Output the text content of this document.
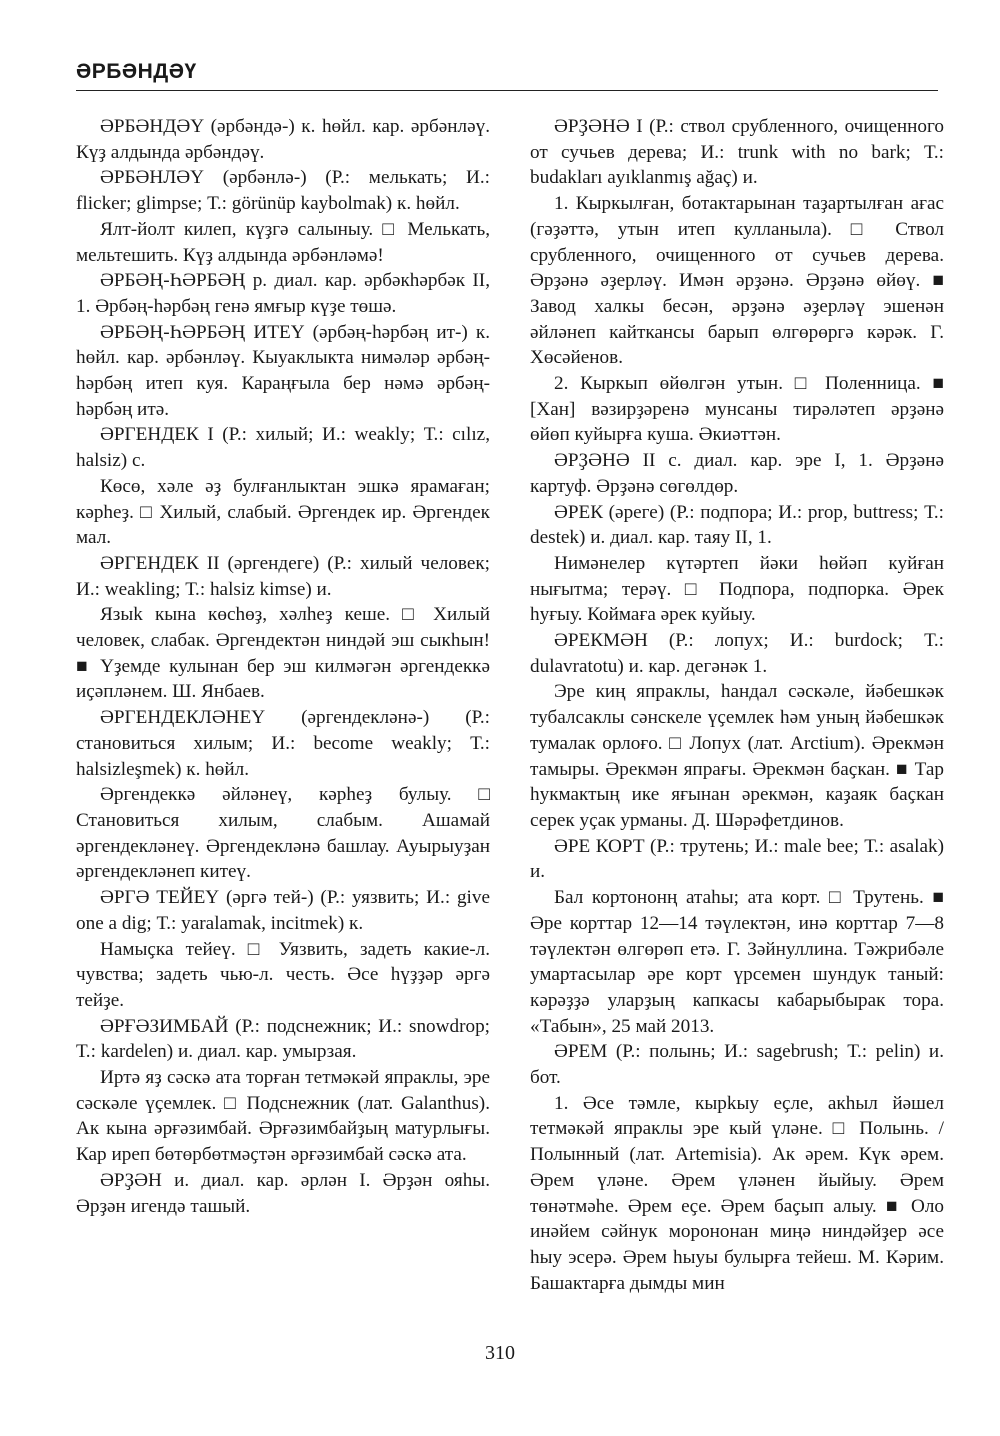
ӘРБӘНДӘҮ

ӘРБӘНДӘҮ (әрбәндә-) к. һөйл. кар. әрбәнләү. Күҙ алдында әрбәндәү.

ӘРБӘНЛӘҮ (әрбәнлә-) (Р.: мелькать; И.: flicker; glimpse; Т.: görünüp kaybolmak) к. һөйл.

Ялт-йолт килеп, күҙгә салыныу. □ Мелькать, мельтешить. Күҙ алдында әрбәнләмә!

ӘРБӘҢ-ҺӘРБӘҢ р. диал. кар. әрбәкһәрбәк II, 1. Әрбәң-һәрбәң генә ямғыр күҙе төшә.

ӘРБӘҢ-ҺӘРБӘҢ ИТЕҮ (әрбәң-һәрбәң ит-) к. һөйл. кар. әрбәнләү. Кыуаклыкта нимәләр әрбәң-һәрбәң итеп куя. Караңғыла бер нәмә әрбәң-һәрбәң итә.

ӘРГЕНДЕК I (Р.: хилый; И.: weakly; Т.: cılız, halsiz) с.

Көсө, хәле әҙ булғанлыктан эшкә ярамаған; кәрһеҙ. □ Хилый, слабый. Әргендек ир. Әргендек мал.

ӘРГЕНДЕК II (әргендеге) (Р.: хилый человек; И.: weakling; Т.: halsiz kimse) и.

Языk кына көсһөҙ, хәлһеҙ кеше. □ Хилый человек, слабак. Әргендектән ниндәй эш сыкһын! ■ Үҙемде кулынан бер эш килмәгән әргендеккә иҫәпләнем. Ш. Янбаев.

ӘРГЕНДЕКЛӘНЕҮ (әргендекләнә-) (Р.: становиться хилым; И.: become weakly; Т.: halsizleşmek) к. һөйл.

Әргендеккә әйләнеү, кәрһеҙ булыу. □ Становиться хилым, слабым. Ашамай әргендекләнеү. Әргендекләнә башлау. Ауырыуҙан әргендекләнеп китеү.

ӘРГӘ ТЕЙЕҮ (әргә тей-) (Р.: уязвить; И.: give one a dig; Т.: yaralamak, incitmek) к.

Намыҫка тейеү. □ Уязвить, задеть какие-л. чувства; задеть чью-л. честь. Әсе һүҙҙәр әргә тейҙе.

ӘРҒӘЗИМБАЙ (Р.: подснежник; И.: snowdrop; Т.: kardelen) и. диал. кар. умырзая.

Иртә яҙ сәскә ата торған тетмәкәй япраклы, эре сәскәле үҫемлек. □ Подснежник (лат. Galanthus). Ак кына әрғәзимбай. Әрғәзимбайҙың матурлығы. Кар иреп бөтөрбөтмәҫтән әрғәзимбай сәскә ата.

ӘРҘӘН и. диал. кар. әрлән I. Әрҙән ояһы. Әрҙән игендә ташый.

ӘРҘӘНӘ I (Р.: ствол срубленного, очищенного от сучьев дерева; И.: trunk with no bark; Т.: budakları ayıklanmış ağaç) и.

1. Кыркылған, ботактарынан таҙартылған ағас (гәҙәттә, утын итеп кулланыла). □ Ствол срубленного, очищенного от сучьев дерева. Әрҙәнә әҙерләү. Имән әрҙәнә. Әрҙәнә өйөү. ■ Завод халкы бесән, әрҙәнә әҙерләү эшенән әйләнеп кайткансы барып өлгөрөргә кәрәк. Г. Хөсәйенов.

2. Кыркып өйөлгән утын. □ Поленница. ■ [Хан] вәзирҙәренә мунсаны тирәләтеп әрҙәнә өйөп куйырға куша. Әкиәттән.

ӘРҘӘНӘ II с. диал. кар. эре I, 1. Әрҙәнә картуф. Әрҙәнә сөгөлдөр.

ӘРЕК (әреге) (Р.: подпора; И.: prop, buttress; Т.: destek) и. диал. кар. таяу II, 1.

Нимәнелер күтәртеп йәки һөйәп куйған нығытма; терәү. □ Подпора, подпорка. Әрек һуғыу. Коймаға әрек куйыу.

ӘРЕКМӘН (Р.: лопух; И.: burdock; Т.: dulavratotu) и. кар. дегәнәк 1.

Эре киң япраклы, һандал сәскәле, йәбешкәк тубалсаклы сәнскеле үҫемлек һәм уның йәбешкәк тумалак орлоғо. □ Лопух (лат. Arctium). Әрекмән тамыры. Әрекмән япрағы. Әрекмән баҫкан. ■ Тар һукмактың ике яғынан әрекмән, каҙаяк баҫкан серек уҫак урманы. Д. Шәрәфетдинов.

ӘРЕ КОРТ (Р.: трутень; И.: male bee; Т.: asalak) и.

Бал кортононң атаһы; ата корт. □ Трутень. ■ Әре корттар 12—14 тәүлектән, инә корттар 7—8 тәүлектән өлгөрөп етә. Г. Зәйнуллина. Тәжрибәле умартасылар әре корт үрсемен шундук таный: кәрәҙҙә уларҙың капкасы кабарыбырак тора. «Табын», 25 май 2013.

ӘРЕМ (Р.: полынь; И.: sagebrush; Т.: pelin) и. бот.

1. Әсе тәмле, кырkыу еҫле, акһыл йәшел тетмәкәй япраклы эре кый үләне. □ Полынь. / Полынный (лат. Artemisia). Ак әрем. Күк әрем. Әрем үләне. Әрем үләнен йыйыу. Әрем төнәтмәһе. Әрем еҫе. Әрем баҫып алыу. ■ Оло инәйем сәйнук морононан миңә ниндәйҙер әсе һыу эсерә. Әрем һыуы булырға тейеш. М. Кәрим. Башактарға дымды мин

310
